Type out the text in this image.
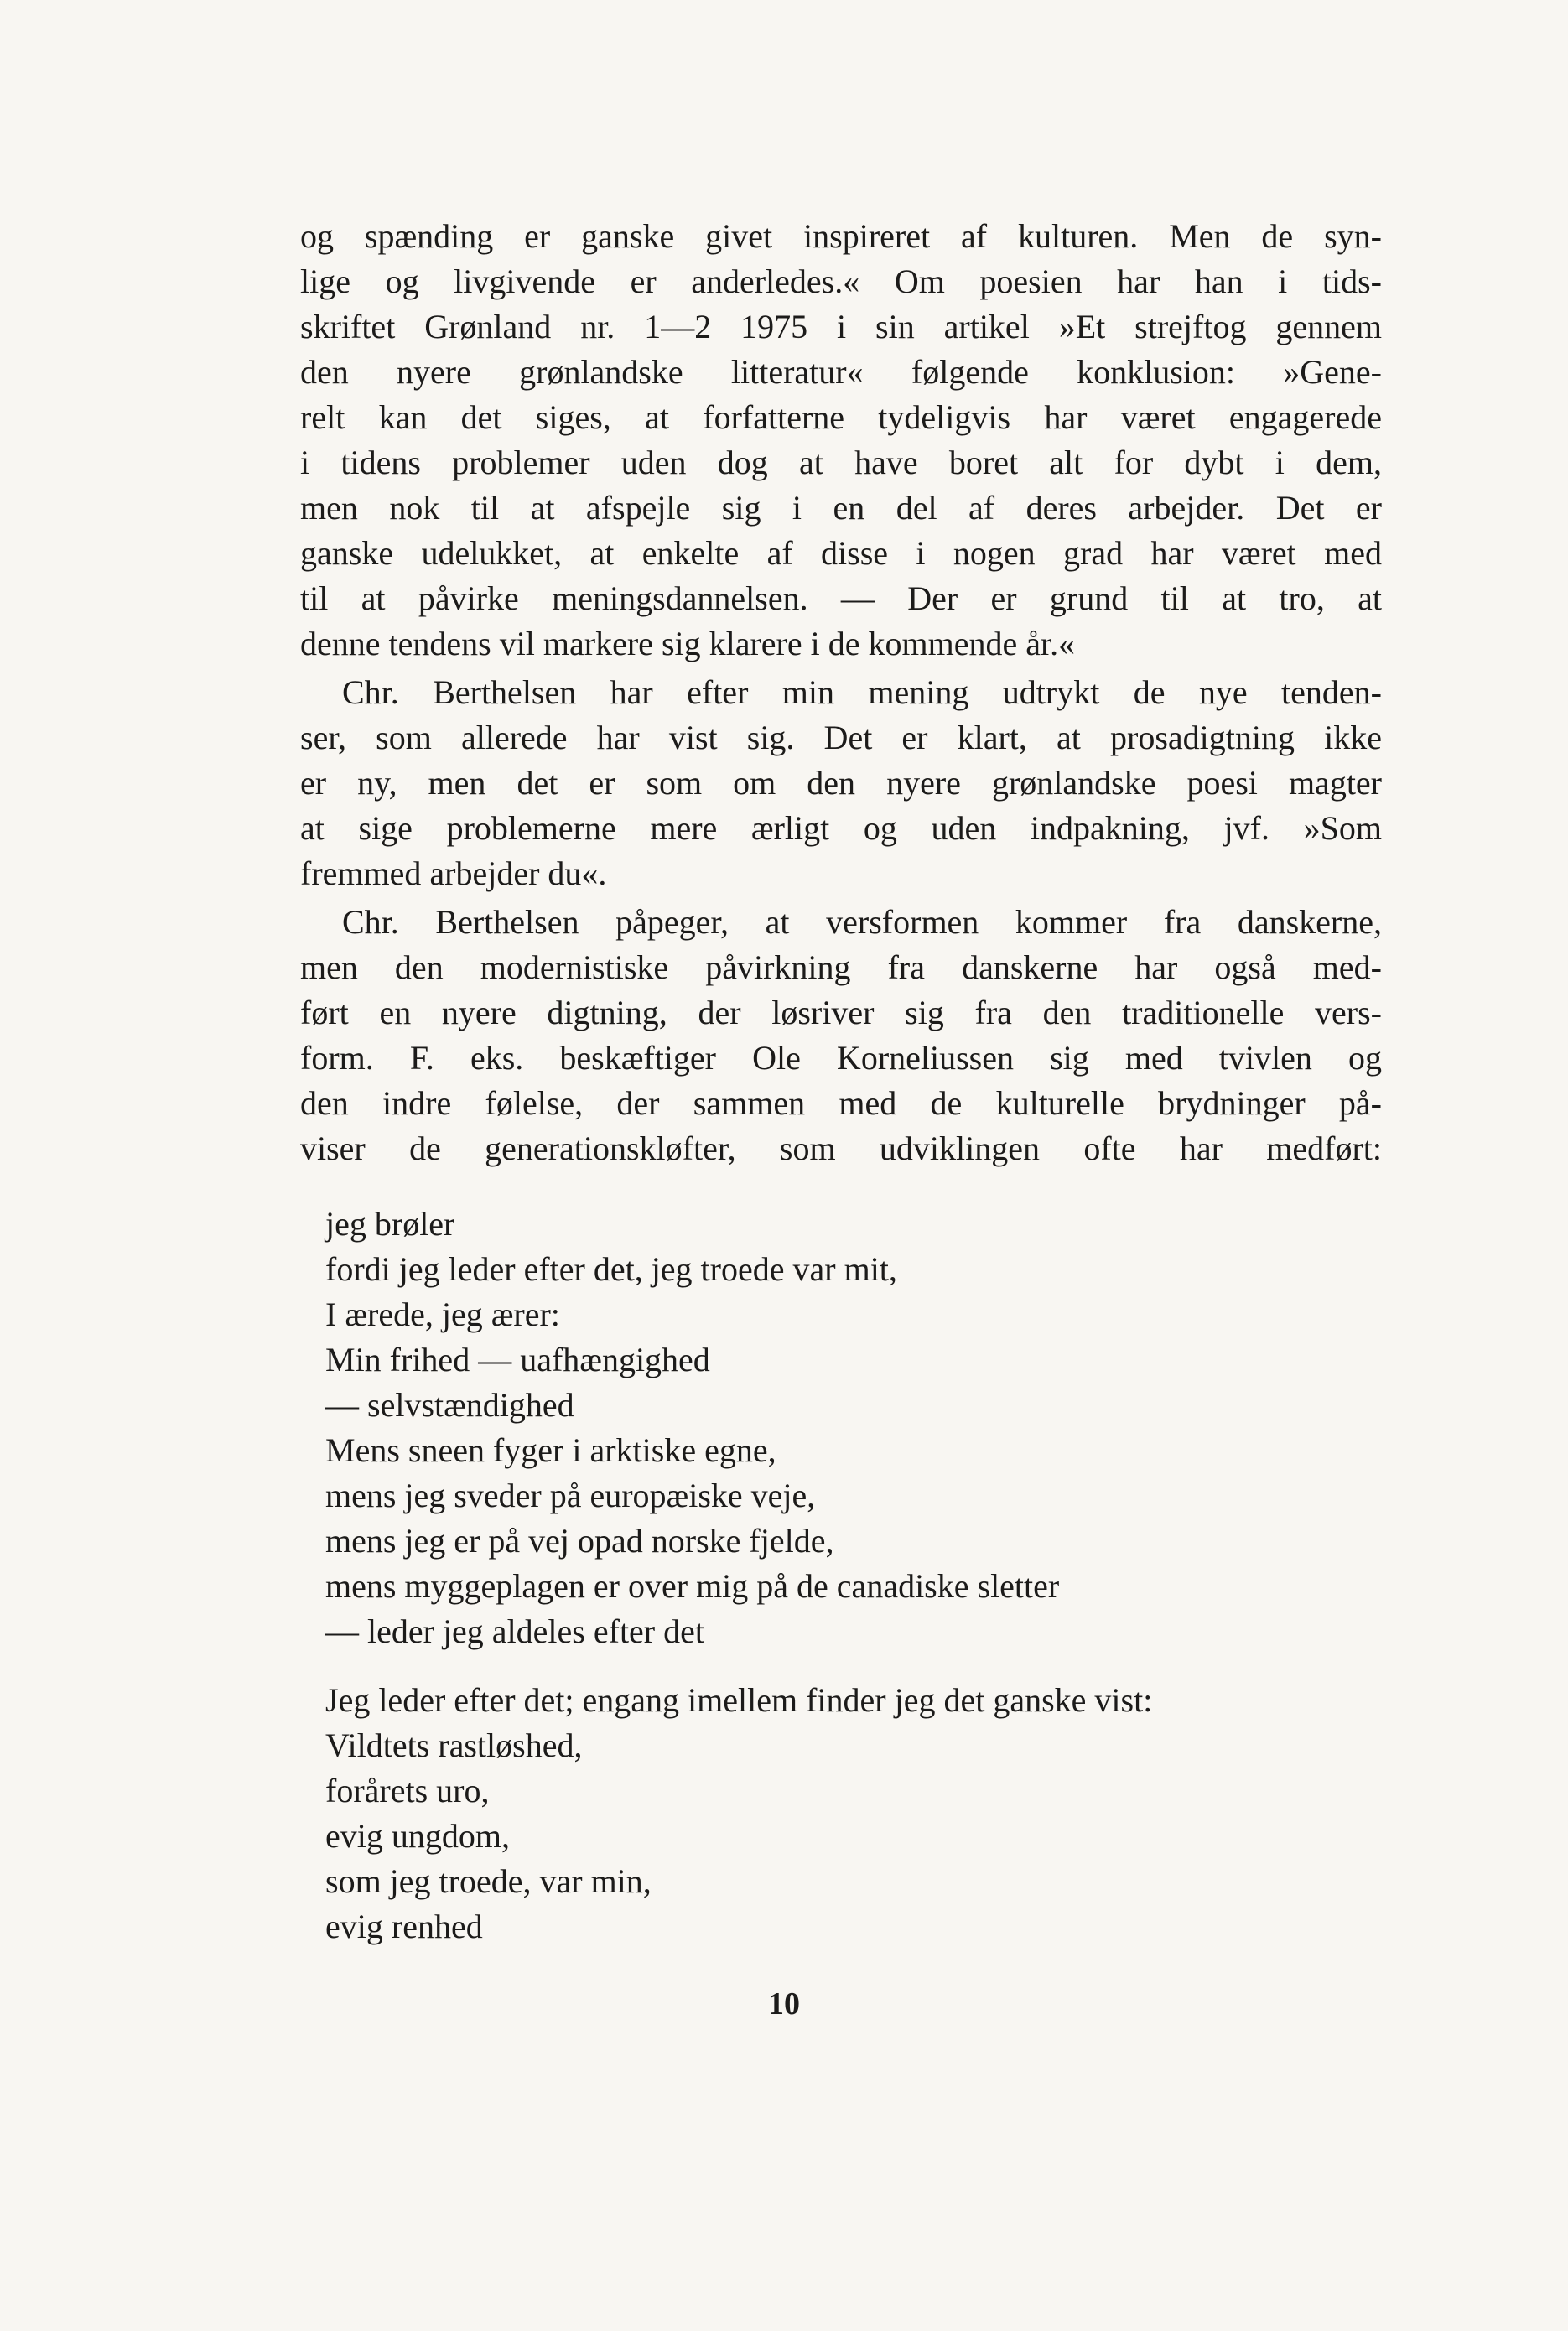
og spænding er ganske givet inspireret af kulturen. Men de syn-
lige og livgivende er anderledes.« Om poesien har han i tids-
skriftet Grønland nr. 1—2 1975 i sin artikel »Et strejftog gennem
den nyere grønlandske litteratur« følgende konklusion: »Gene-
relt kan det siges, at forfatterne tydeligvis har været engagerede
i tidens problemer uden dog at have boret alt for dybt i dem,
men nok til at afspejle sig i en del af deres arbejder. Det er
ganske udelukket, at enkelte af disse i nogen grad har været med
til at påvirke meningsdannelsen. — Der er grund til at tro, at
denne tendens vil markere sig klarere i de kommende år.«
Chr. Berthelsen har efter min mening udtrykt de nye tenden-
ser, som allerede har vist sig. Det er klart, at prosadigtning ikke
er ny, men det er som om den nyere grønlandske poesi magter
at sige problemerne mere ærligt og uden indpakning, jvf. »Som
fremmed arbejder du«.
Chr. Berthelsen påpeger, at versformen kommer fra danskerne,
men den modernistiske påvirkning fra danskerne har også med-
ført en nyere digtning, der løsriver sig fra den traditionelle vers-
form. F. eks. beskæftiger Ole Korneliussen sig med tvivlen og
den indre følelse, der sammen med de kulturelle brydninger på-
viser de generationskløfter, som udviklingen ofte har medført:
jeg brøler
fordi jeg leder efter det, jeg troede var mit,
I ærede, jeg ærer:
Min frihed — uafhængighed
— selvstændighed
Mens sneen fyger i arktiske egne,
mens jeg sveder på europæiske veje,
mens jeg er på vej opad norske fjelde,
mens myggeplagen er over mig på de canadiske sletter
— leder jeg aldeles efter det
Jeg leder efter det; engang imellem finder jeg det ganske vist:
Vildtets rastløshed,
forårets uro,
evig ungdom,
som jeg troede, var min,
evig renhed
10
